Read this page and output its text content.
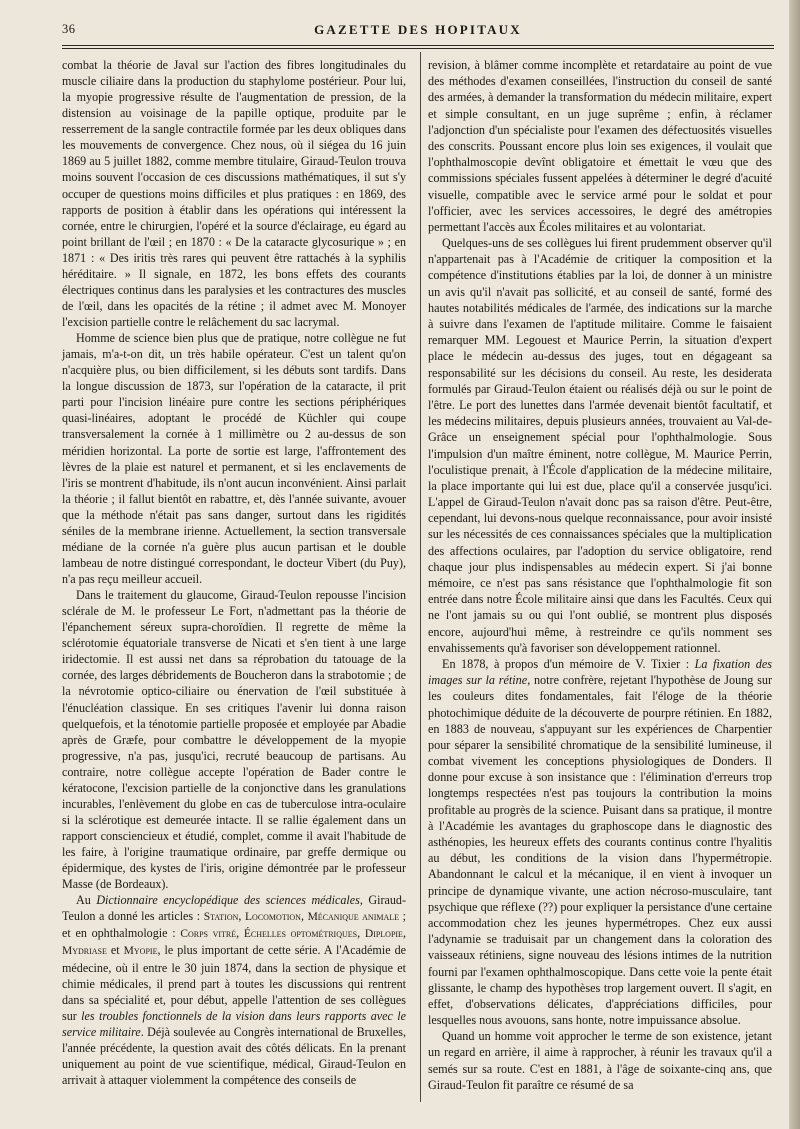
36	GAZETTE DES HOPITAUX

combat la théorie de Javal sur l'action des fibres longitudinales du muscle ciliaire dans la production du staphylome postérieur. Pour lui, la myopie progressive résulte de l'augmentation de pression, de la distension au voisinage de la papille optique, produite par le resserrement de la sangle contractile formée par les deux obliques dans les mouvements de convergence. Chez nous, où il siégea du 16 juin 1869 au 5 juillet 1882, comme membre titulaire, Giraud-Teulon trouva moins souvent l'occasion de ces discussions mathématiques, il sut s'y occuper de questions moins difficiles et plus pratiques : en 1869, des rapports de position à établir dans les opérations qui intéressent la cornée, entre le chirurgien, l'opéré et la source d'éclairage, eu égard au point brillant de l'œil ; en 1870 : « De la cataracte glycosurique » ; en 1871 : « Des iritis très rares qui peuvent être rattachés à la syphilis héréditaire. » Il signale, en 1872, les bons effets des courants électriques continus dans les paralysies et les contractures des muscles de l'œil, dans les opacités de la rétine ; il admet avec M. Monoyer l'excision partielle contre le relâchement du sac lacrymal.

Homme de science bien plus que de pratique, notre collègue ne fut jamais, m'a-t-on dit, un très habile opérateur. C'est un talent qu'on n'acquière plus, ou bien difficilement, si les débuts sont tardifs. Dans la longue discussion de 1873, sur l'opération de la cataracte, il prit parti pour l'incision linéaire pure contre les sections périphériques quasi-linéaires, adoptant le procédé de Küchler qui coupe transversalement la cornée à 1 millimètre ou 2 au-dessus de son méridien horizontal. La porte de sortie est large, l'affrontement des lèvres de la plaie est naturel et permanent, et si les enclavements de l'iris se montrent d'habitude, ils n'ont aucun inconvénient. Ainsi parlait la théorie ; il fallut bientôt en rabattre, et, dès l'année suivante, avouer que la méthode n'était pas sans danger, surtout dans les rigidités séniles de la membrane irienne. Actuellement, la section transversale médiane de la cornée n'a guère plus aucun partisan et le double lambeau de notre distingué correspondant, le docteur Vibert (du Puy), n'a pas reçu meilleur accueil.

Dans le traitement du glaucome, Giraud-Teulon repousse l'incision sclérale de M. le professeur Le Fort, n'admettant pas la théorie de l'épanchement séreux supra-choroïdien. Il regrette de même la sclérotomie équatoriale transverse de Nicati et s'en tient à une large iridectomie. Il est aussi net dans sa réprobation du tatouage de la cornée, des larges débridements de Boucheron dans la strabotomie ; de la névrotomie optico-ciliaire ou énervation de l'œil substituée à l'énucléation classique. En ses critiques l'avenir lui donna raison quelquefois, et la ténotomie partielle proposée et employée par Abadie après de Græfe, pour combattre le développement de la myopie progressive, n'a pas, jusqu'ici, recruté beaucoup de partisans. Au contraire, notre collègue accepte l'opération de Bader contre le kératocone, l'excision partielle de la conjonctive dans les granulations incurables, l'enlèvement du globe en cas de tuberculose intra-oculaire si la sclérotique est demeurée intacte. Il se rallie également dans un rapport consciencieux et étudié, complet, comme il avait l'habitude de les faire, à l'origine traumatique ordinaire, par greffe dermique ou épidermique, des kystes de l'iris, origine démontrée par le professeur Masse (de Bordeaux).

Au Dictionnaire encyclopédique des sciences médicales, Giraud-Teulon a donné les articles : Station, Locomotion, Mécanique animale ; et en ophthalmologie : Corps vitré, Échelles optométriques, Diplopie, Mydriase et Myopie, le plus important de cette série. A l'Académie de médecine, où il entre le 30 juin 1874, dans la section de physique et chimie médicales, il prend part à toutes les discussions qui rentrent dans sa spécialité et, pour début, appelle l'attention de ses collègues sur les troubles fonctionnels de la vision dans leurs rapports avec le service militaire. Déjà soulevée au Congrès international de Bruxelles, l'année précédente, la question avait des côtés délicats. En la prenant uniquement au point de vue scientifique, médical, Giraud-Teulon en arrivait à attaquer violemment la compétence des conseils de

revision, à blâmer comme incomplète et retardataire au point de vue des méthodes d'examen conseillées, l'instruction du conseil de santé des armées, à demander la transformation du médecin militaire, expert et simple consultant, en un juge suprême ; enfin, à réclamer l'adjonction d'un spécialiste pour l'examen des défectuosités visuelles des conscrits. Poussant encore plus loin ses exigences, il voulait que l'ophthalmoscopie devînt obligatoire et émettait le vœu que des commissions spéciales fussent appelées à déterminer le degré d'acuité visuelle, compatible avec le service armé pour le soldat et pour l'officier, avec les services accessoires, le degré des amétropies permettant l'accès aux Écoles militaires et au volontariat.

Quelques-uns de ses collègues lui firent prudemment observer qu'il n'appartenait pas à l'Académie de critiquer la composition et la compétence d'institutions établies par la loi, de donner à un ministre un avis qu'il n'avait pas sollicité, et au conseil de santé, formé des hautes notabilités médicales de l'armée, des indications sur la marche à suivre dans l'examen de l'aptitude militaire. Comme le faisaient remarquer MM. Legouest et Maurice Perrin, la situation d'expert place le médecin au-dessus des juges, tout en dégageant sa responsabilité sur les décisions du conseil. Au reste, les desiderata formulés par Giraud-Teulon étaient ou réalisés déjà ou sur le point de l'être. Le port des lunettes dans l'armée devenait bientôt facultatif, et les médecins militaires, depuis plusieurs années, trouvaient au Val-de-Grâce un enseignement spécial pour l'ophthalmologie. Sous l'impulsion d'un maître éminent, notre collègue, M. Maurice Perrin, l'oculistique prenait, à l'École d'application de la médecine militaire, la place importante qui lui est due, place qu'il a conservée jusqu'ici. L'appel de Giraud-Teulon n'avait donc pas sa raison d'être. Peut-être, cependant, lui devons-nous quelque reconnaissance, pour avoir insisté sur les nécessités de ces connaissances spéciales que la multiplication des affections oculaires, par l'adoption du service obligatoire, rend chaque jour plus indispensables au médecin expert. Si j'ai bonne mémoire, ce n'est pas sans résistance que l'ophthalmologie fit son entrée dans notre École militaire ainsi que dans les Facultés. Ceux qui ne l'ont jamais su ou qui l'ont oublié, se montrent plus disposés encore, aujourd'hui même, à restreindre ce qu'ils nomment ses envahissements qu'à favoriser son développement rationnel.

En 1878, à propos d'un mémoire de V. Tixier : La fixation des images sur la rétine, notre confrère, rejetant l'hypothèse de Joung sur les couleurs dites fondamentales, fait l'éloge de la théorie photochimique déduite de la découverte de pourpre rétinien. En 1882, en 1883 de nouveau, s'appuyant sur les expériences de Charpentier pour séparer la sensibilité chromatique de la sensibilité lumineuse, il combat vivement les conceptions physiologiques de Donders. Il donne pour excuse à son insistance que : l'élimination d'erreurs trop longtemps respectées n'est pas toujours la contribution la moins profitable au progrès de la science. Puisant dans sa pratique, il montre à l'Académie les avantages du graphoscope dans le diagnostic des asthénopies, les heureux effets des courants continus contre l'hyalitis au début, les conditions de la vision dans l'hypermétropie. Abandonnant le calcul et la mécanique, il en vient à invoquer un principe de dynamique vivante, une action nécroso-musculaire, tant psychique que réflexe (??) pour expliquer la persistance d'une certaine accommodation chez les jeunes hypermétropes. Chez eux aussi l'adynamie se traduisait par un changement dans la coloration des vaisseaux rétiniens, signe nouveau des lésions intimes de la nutrition fourni par l'examen ophthalmoscopique. Dans cette voie la pente était glissante, le champ des hypothèses trop largement ouvert. Il s'agit, en effet, d'observations délicates, d'appréciations difficiles, pour lesquelles nous avouons, sans honte, notre impuissance absolue.

Quand un homme voit approcher le terme de son existence, jetant un regard en arrière, il aime à rapprocher, à réunir les travaux qu'il a semés sur sa route. C'est en 1881, à l'âge de soixante-cinq ans, que Giraud-Teulon fit paraître ce résumé de sa
